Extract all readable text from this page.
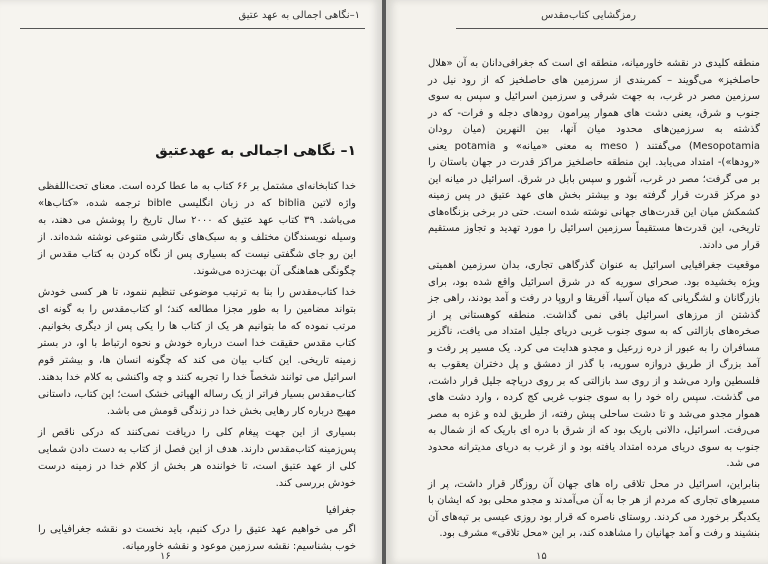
۱–نگاهی اجمالی به عهد عتیق
۱– نگاهی اجمالی به عهدعتیق

خدا کتابخانه‌ای مشتمل بر ۶۶ کتاب به ما عطا کرده است. معنای تحت‌اللفظی واژه لاتین biblia که در زبان انگلیسی bible ترجمه شده، «کتاب‌ها» می‌باشد. ۳۹ کتاب عهد عتیق که ۲۰۰۰ سال تاریخ را پوشش می دهند، به وسیله نویسندگان مختلف و به سبک‌های نگارشی متنوعی نوشته شده‌اند. از این رو جای شگفتی نیست که بسیاری پس از نگاه کردن به کتاب مقدس از چگونگی هماهنگی آن بهت‌زده می‌شوند.

خدا کتاب‌مقدس را بنا به ترتیب موضوعی تنظیم ننمود، تا هر کسی خودش بتواند مضامین را به طور مجزا مطالعه کند؛ او کتاب‌مقدس را به گونه ای مرتب نموده که ما بتوانیم هر یک از کتاب ها را یکی پس از دیگری بخوانیم. کتاب مقدس حقیقت خدا است درباره خودش و نحوه ارتباط با او، در بستر زمینه تاریخی. این کتاب بیان می کند که چگونه انسان ها، و بیشتر قوم اسرائیل می توانند شخصاً خدا را تجربه کنند و چه واکنشی به کلام خدا بدهند. کتاب‌مقدس بسیار فراتر از یک رساله الهیاتی خشک است؛ این کتاب، داستانی مهیج درباره کار رهایی بخش خدا در زندگی قومش می باشد.

بسیاری از این جهت پیغام کلی را دریافت نمی‌کنند که درکی ناقص از پس‌زمینه کتاب‌مقدس دارند. هدف از این فصل از کتاب به دست دادن شمایی کلی از عهد عتیق است، تا خواننده هر بخش از کلام خدا در زمینه درست خودش بررسی کند.

جغرافیا

اگر می خواهیم عهد عتیق را درک کنیم، باید نخست دو نقشه جغرافیایی را خوب بشناسیم: نقشه سرزمین موعود و نقشه خاورمیانه.

۱۶
رمزگشایی کتاب‌مقدس

منطقه کلیدی در نقشه خاورمیانه، منطقه ای است که جغرافی‌دانان به آن «هلال حاصلخیز» می‌گویند – کمربندی از سرزمین های حاصلخیز که از رود نیل در سرزمین مصر در غرب، به جهت شرقی و سرزمین اسرائیل و سپس به سوی جنوب و شرق، یعنی دشت های هموار پیرامون رودهای دجله و فرات- که در گذشته به سرزمین‌های محدود میان آنها، بین النهرین (میان رودان Mesopotamia) می‌گفتند ( meso به معنی «میانه» و potamia یعنی «رودها»)- امتداد می‌یابد. این منطقه حاصلخیز مراکز قدرت در جهان باستان را بر می گرفت؛ مصر در غرب، آشور و سپس بابل در شرق. اسرائیل در میانه این دو مرکز قدرت قرار گرفته بود و بیشتر بخش های عهد عتیق در پس زمینه کشمکش میان این قدرت‌های جهانی نوشته شده است. حتی در برخی بزنگاه‌های تاریخی، این قدرت‌ها مستقیماً سرزمین اسرائیل را مورد تهدید و تجاوز مستقیم قرار می دادند.

موقعیت جغرافیایی اسرائیل به عنوان گذرگاهی تجاری، بدان سرزمین اهمیتی ویژه بخشیده بود. صحرای سوریه که در شرق اسرائیل واقع شده بود، برای بازرگانان و لشگریانی که میان آسیا، آفریقا و اروپا در رفت و آمد بودند، راهی جز گذشتن از مرزهای اسرائیل باقی نمی گذاشت. منطقه کوهستانی پر از صخره‌های بازالتی که به سوی جنوب غربی دریای جلیل امتداد می یافت، ناگزیر مسافران را به عبور از دره زرعیل و مجدو هدایت می کرد. یک مسیر پر رفت و آمد بزرگ از طریق دروازه سوریه، با گذر از دمشق و پل دختران یعقوب به فلسطین وارد می‌شد و از روی سد بازالتی که بر روی دریاچه جلیل قرار داشت، می گذشت. سپس راه خود را به سوی جنوب غربی کج کرده ، وارد دشت های هموار مجدو می‌شد و تا دشت ساحلی پیش رفته، از طریق لده و غزه به مصر می‌رفت. اسرائیل، دالانی باریک بود که از شرق با دره ای باریک که از شمال به جنوب به سوی دریای مرده امتداد یافته بود و از غرب به دریای مدیترانه محدود می شد.

بنابراین، اسرائیل در محل تلاقی راه های جهان آن روزگار قرار داشت، پر از مسیرهای تجاری که مردم از هر جا به آن می‌آمدند و مجدو محلی بود که ایشان با یکدیگر برخورد می کردند. روستای ناصره که قرار بود روزی عیسی بر تپه‌های آن بنشیند و رفت و آمد جهانیان را مشاهده کند، بر این «محل تلاقی» مشرف بود.

۱۵
